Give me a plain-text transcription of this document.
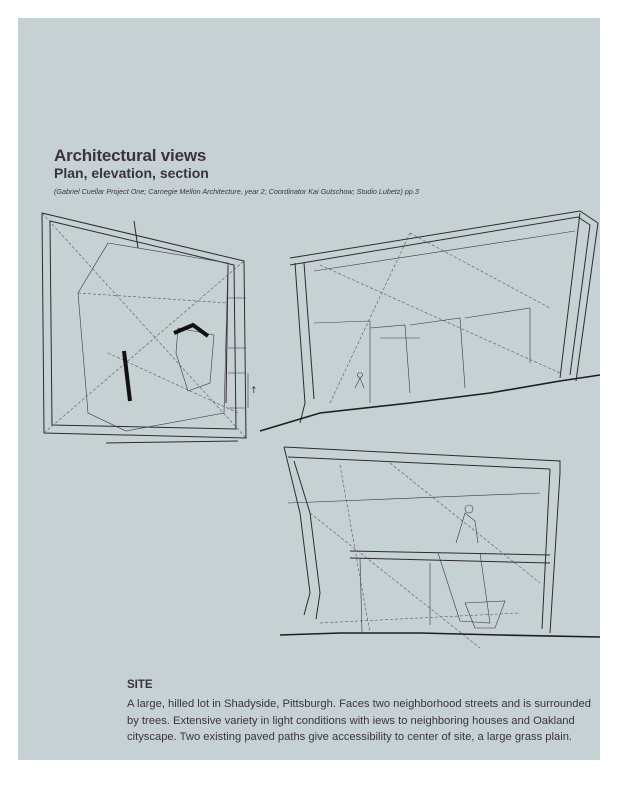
Architectural views
Plan, elevation, section

(Gabriel Cuellar Project One; Carnegie Mellon Architecture, year 2; Coordinator Kai Gutschow; Studio Lubetz) pp.3

↑
SITE

A large, hilled lot in Shadyside, Pittsburgh. Faces two neighborhood streets and is surrounded by trees. Extensive variety in light conditions with iews to neighboring houses and Oakland cityscape. Two existing paved paths give accessibility to center of site, a large grass plain.
